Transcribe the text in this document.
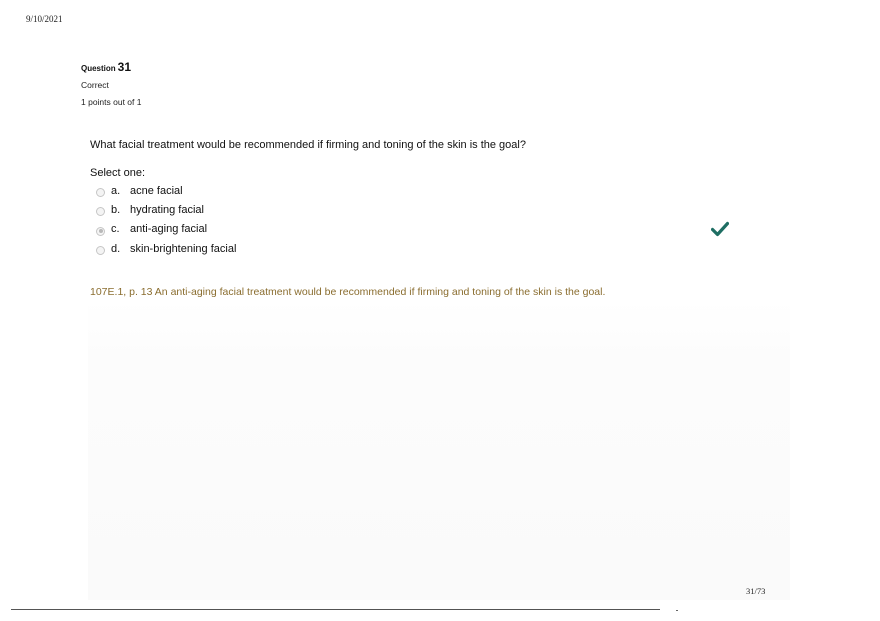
9/10/2021
Question 31
Correct
1 points out of 1
What facial treatment would be recommended if firming and toning of the skin is the goal?
Select one:
a. acne facial
b. hydrating facial
c. anti-aging facial
d. skin-brightening facial
107E.1, p. 13 An anti-aging facial treatment would be recommended if firming and toning of the skin is the goal.
31/73
